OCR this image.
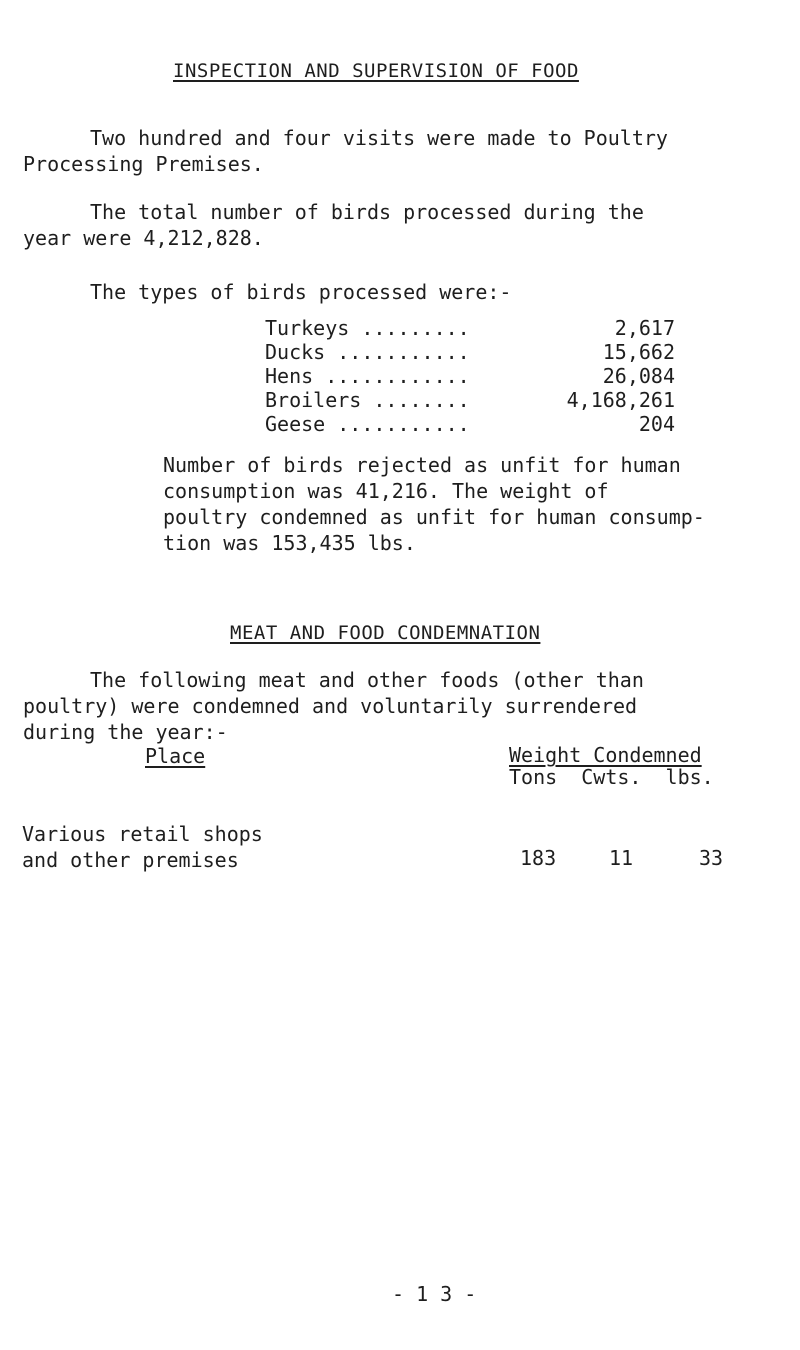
INSPECTION AND SUPERVISION OF FOOD
Two hundred and four visits were made to Poultry
Processing Premises.
The total number of birds processed during the
year were 4,212,828.
The types of birds processed were:-
Turkeys .........	2,617
Ducks ...........	15,662
Hens ............	26,084
Broilers ........	4,168,261
Geese ...........	204
Number of birds rejected as unfit for human
consumption was 41,216. The weight of
poultry condemned as unfit for human consump-
tion was 153,435 lbs.
MEAT AND FOOD CONDEMNATION
The following meat and other foods (other than
poultry) were condemned and voluntarily surrendered
during the year:-
Place	Weight Condemned
Tons  Cwts.  lbs.
Various retail shops
and other premises	183	11	33
- 1 3 -
